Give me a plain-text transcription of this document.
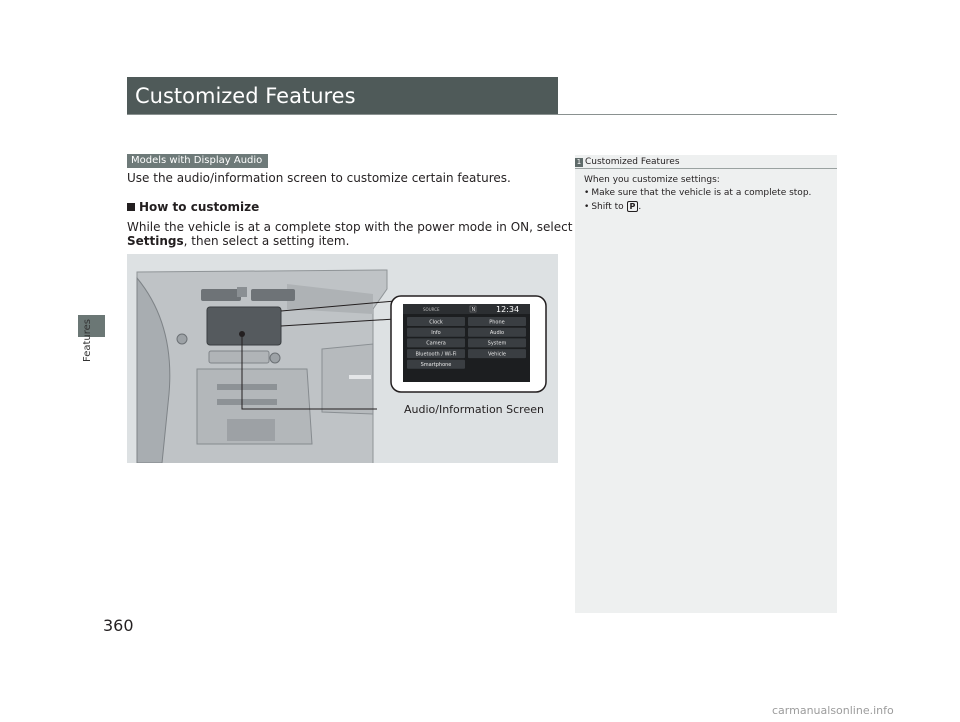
Features
Customized Features
Models with Display Audio
Use the audio/information screen to customize certain features.
How to customize
While the vehicle is at a complete stop with the power mode in ON, select
Settings, then select a setting item.
SOURCE	N	12:34
Clock
Info
Camera
Bluetooth / Wi-Fi
Smartphone
Phone
Audio
System
Vehicle
Audio/Information Screen
1 Customized Features
When you customize settings:
• Make sure that the vehicle is at a complete stop.
• Shift to P .
360
carmanualsonline.info
